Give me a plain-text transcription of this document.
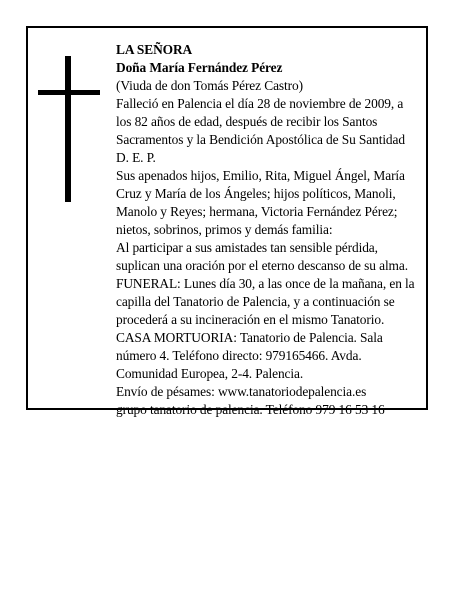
LA SEÑORA

Doña María Fernández Pérez

(Viuda de don Tomás Pérez Castro)

Falleció en Palencia el día 28 de noviembre de 2009, a los 82 años de edad, después de recibir los Santos Sacramentos y la Bendición Apostólica de Su Santidad D. E. P.

Sus apenados hijos, Emilio, Rita, Miguel Ángel, María Cruz y María de los Ángeles; hijos políticos, Manoli, Manolo y Reyes; hermana, Victoria Fernández Pérez; nietos, sobrinos, primos y demás familia:

Al participar a sus amistades tan sensible pérdida, suplican una oración por el eterno descanso de su alma.

FUNERAL: Lunes día 30, a las once de la mañana, en la capilla del Tanatorio de Palencia, y a continuación se procederá a su incineración en el mismo Tanatorio.

CASA MORTUORIA: Tanatorio de Palencia. Sala número 4. Teléfono directo: 979165466. Avda. Comunidad Europea, 2-4. Palencia.

Envío de pésames: www.tanatoriodepalencia.es

grupo tanatorio de palencia. Teléfono 979 16 53 16
